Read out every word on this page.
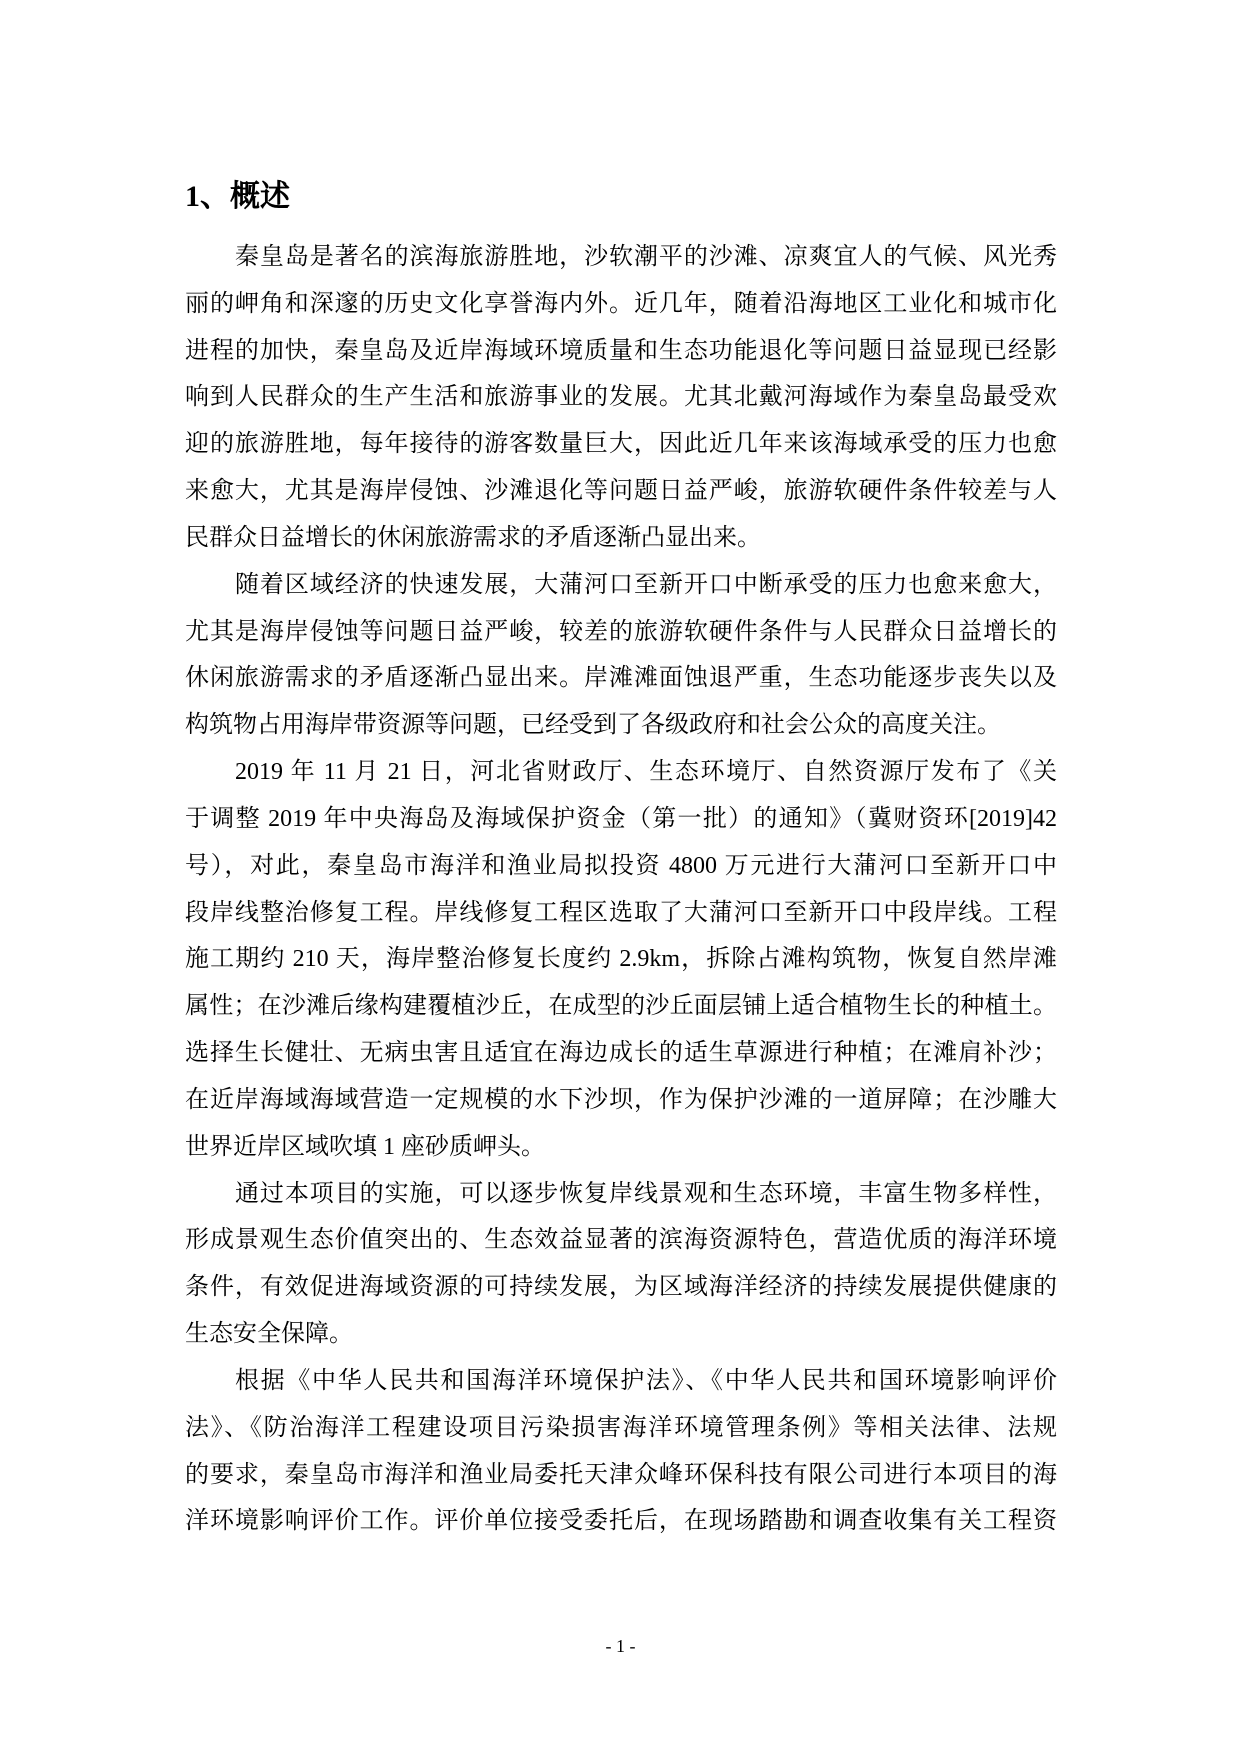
1、概述
秦皇岛是著名的滨海旅游胜地，沙软潮平的沙滩、凉爽宜人的气候、风光秀
丽的岬角和深邃的历史文化享誉海内外。近几年，随着沿海地区工业化和城市化
进程的加快，秦皇岛及近岸海域环境质量和生态功能退化等问题日益显现已经影
响到人民群众的生产生活和旅游事业的发展。尤其北戴河海域作为秦皇岛最受欢
迎的旅游胜地，每年接待的游客数量巨大，因此近几年来该海域承受的压力也愈
来愈大，尤其是海岸侵蚀、沙滩退化等问题日益严峻，旅游软硬件条件较差与人
民群众日益增长的休闲旅游需求的矛盾逐渐凸显出来。
随着区域经济的快速发展，大蒲河口至新开口中断承受的压力也愈来愈大，
尤其是海岸侵蚀等问题日益严峻，较差的旅游软硬件条件与人民群众日益增长的
休闲旅游需求的矛盾逐渐凸显出来。岸滩滩面蚀退严重，生态功能逐步丧失以及
构筑物占用海岸带资源等问题，已经受到了各级政府和社会公众的高度关注。
2019 年 11 月 21 日，河北省财政厅、生态环境厅、自然资源厅发布了《关
于调整 2019 年中央海岛及海域保护资金（第一批）的通知》（冀财资环[2019]42
号），对此，秦皇岛市海洋和渔业局拟投资 4800 万元进行大蒲河口至新开口中
段岸线整治修复工程。岸线修复工程区选取了大蒲河口至新开口中段岸线。工程
施工期约 210 天，海岸整治修复长度约 2.9km，拆除占滩构筑物，恢复自然岸滩
属性；在沙滩后缘构建覆植沙丘，在成型的沙丘面层铺上适合植物生长的种植土。
选择生长健壮、无病虫害且适宜在海边成长的适生草源进行种植；在滩肩补沙；
在近岸海域海域营造一定规模的水下沙坝，作为保护沙滩的一道屏障；在沙雕大
世界近岸区域吹填 1 座砂质岬头。
通过本项目的实施，可以逐步恢复岸线景观和生态环境，丰富生物多样性，
形成景观生态价值突出的、生态效益显著的滨海资源特色，营造优质的海洋环境
条件，有效促进海域资源的可持续发展，为区域海洋经济的持续发展提供健康的
生态安全保障。
根据《中华人民共和国海洋环境保护法》、《中华人民共和国环境影响评价
法》、《防治海洋工程建设项目污染损害海洋环境管理条例》等相关法律、法规
的要求，秦皇岛市海洋和渔业局委托天津众峰环保科技有限公司进行本项目的海
洋环境影响评价工作。评价单位接受委托后，在现场踏勘和调查收集有关工程资
- 1 -
